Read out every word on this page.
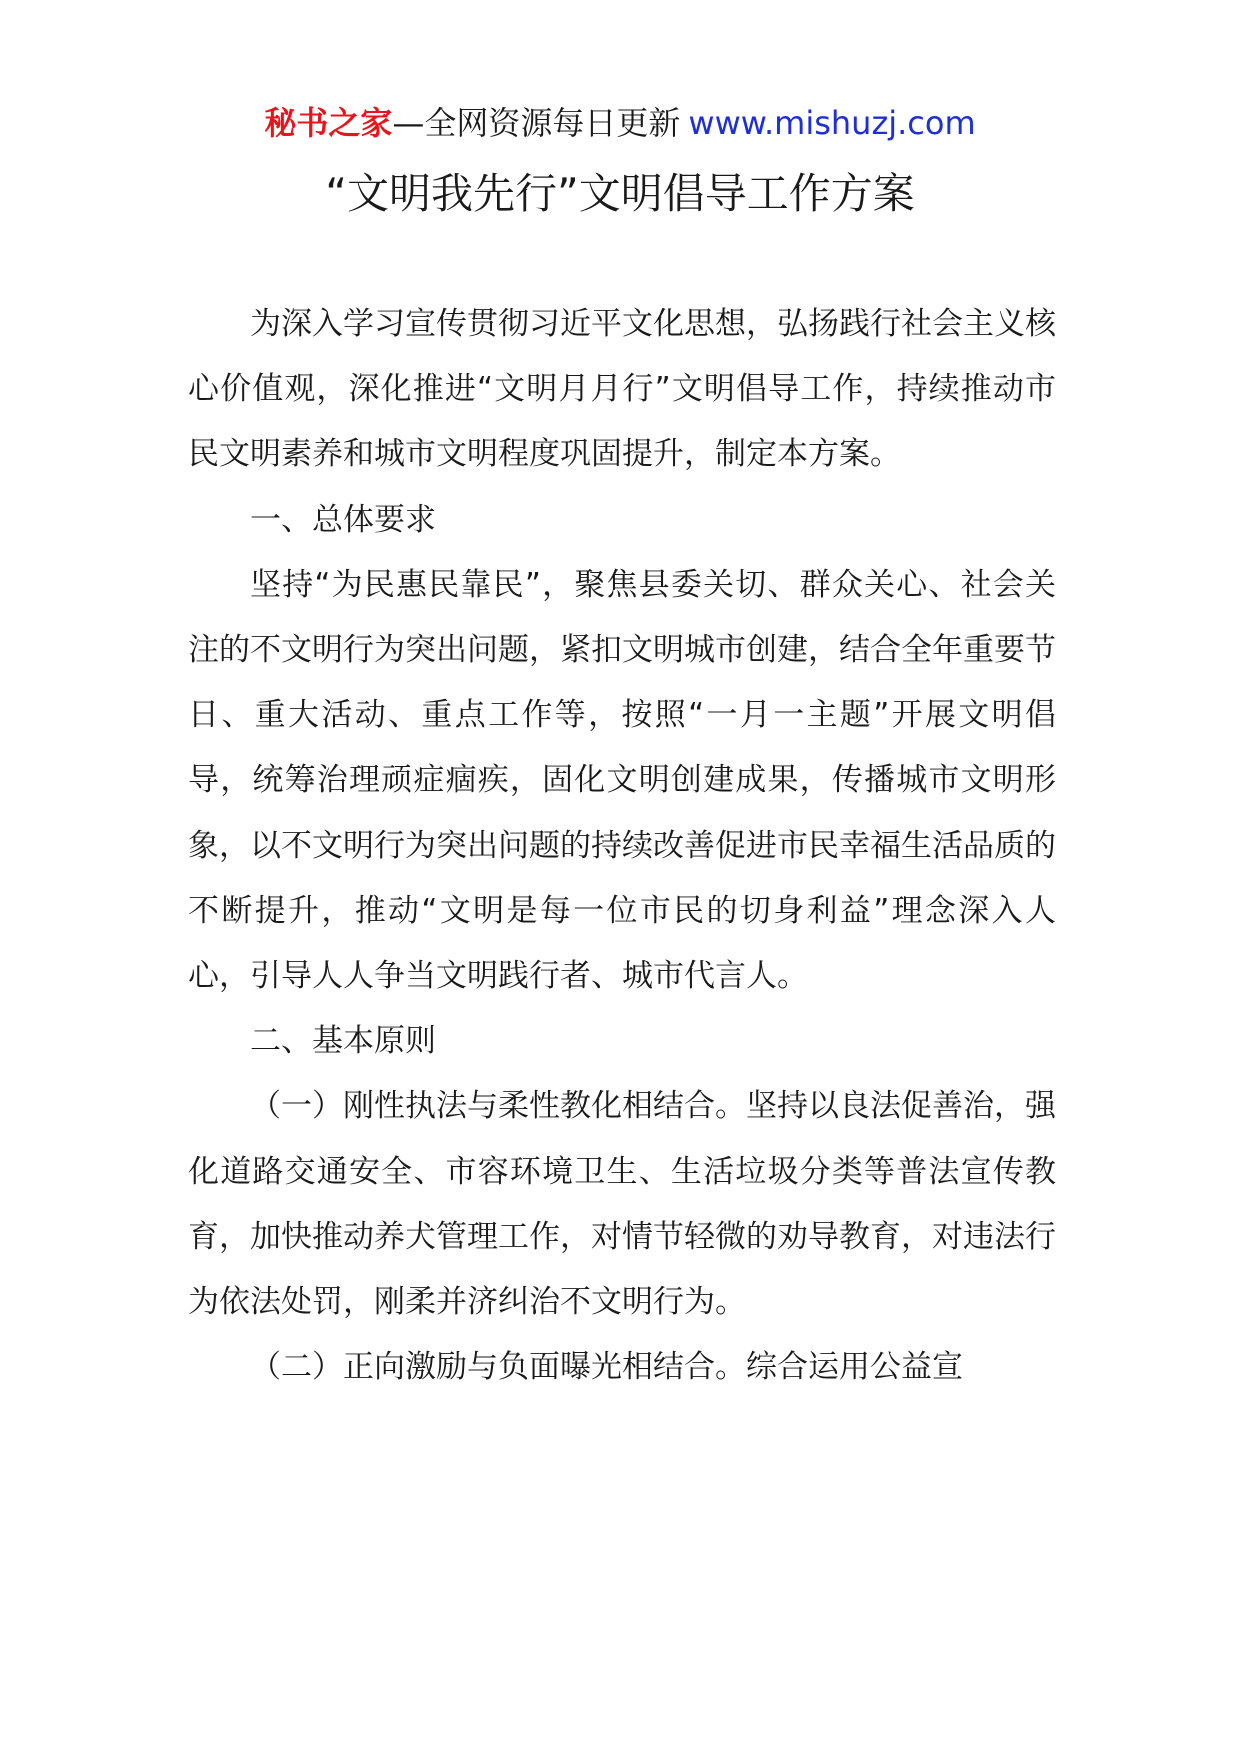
秘书之家—全网资源每日更新 www.mishuzj.com
“文明我先行”文明倡导工作方案

为深入学习宣传贯彻习近平文化思想，弘扬践行社会主义核心价值观，深化推进“文明月月行”文明倡导工作，持续推动市民文明素养和城市文明程度巩固提升，制定本方案。

一、总体要求

坚持“为民惠民靠民”，聚焦县委关切、群众关心、社会关注的不文明行为突出问题，紧扣文明城市创建，结合全年重要节日、重大活动、重点工作等，按照“一月一主题”开展文明倡导，统筹治理顽症痼疾，固化文明创建成果，传播城市文明形象，以不文明行为突出问题的持续改善促进市民幸福生活品质的不断提升，推动“文明是每一位市民的切身利益”理念深入人心，引导人人争当文明践行者、城市代言人。

二、基本原则

（一）刚性执法与柔性教化相结合。坚持以良法促善治，强化道路交通安全、市容环境卫生、生活垃圾分类等普法宣传教育，加快推动养犬管理工作，对情节轻微的劝导教育，对违法行为依法处罚，刚柔并济纠治不文明行为。

（二）正向激励与负面曝光相结合。综合运用公益宣
